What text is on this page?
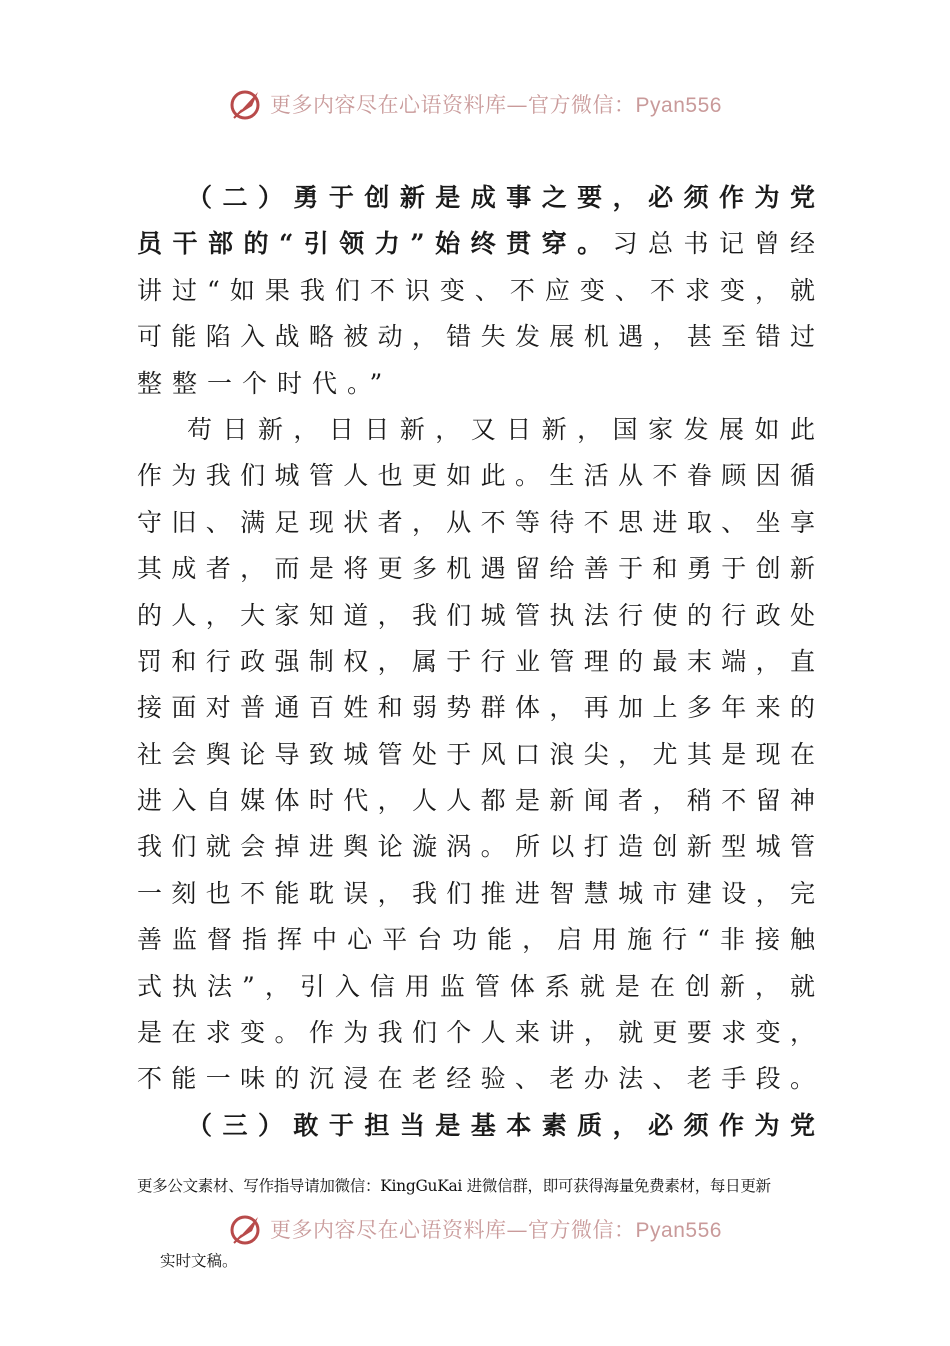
更多内容尽在心语资料库—官方微信：Pyan556
（二）勇于创新是成事之要，必须作为党
员干部的“引领力”始终贯穿。习总书记曾经
讲过“如果我们不识变、不应变、不求变，就
可能陷入战略被动，错失发展机遇，甚至错过
整整一个时代。”
苟日新，日日新，又日新，国家发展如此
作为我们城管人也更如此。生活从不眷顾因循
守旧、满足现状者，从不等待不思进取、坐享
其成者，而是将更多机遇留给善于和勇于创新
的人，大家知道，我们城管执法行使的行政处
罚和行政强制权，属于行业管理的最末端，直
接面对普通百姓和弱势群体，再加上多年来的
社会舆论导致城管处于风口浪尖，尤其是现在
进入自媒体时代，人人都是新闻者，稍不留神
我们就会掉进舆论漩涡。所以打造创新型城管
一刻也不能耽误，我们推进智慧城市建设，完
善监督指挥中心平台功能，启用施行“非接触
式执法”，引入信用监管体系就是在创新，就
是在求变。作为我们个人来讲，就更要求变，
不能一味的沉浸在老经验、老办法、老手段。
（三）敢于担当是基本素质，必须作为党
更多公文素材、写作指导请加微信：KingGuKai 进微信群，即可获得海量免费素材，每日更新
更多内容尽在心语资料库—官方微信：Pyan556
实时文稿。
